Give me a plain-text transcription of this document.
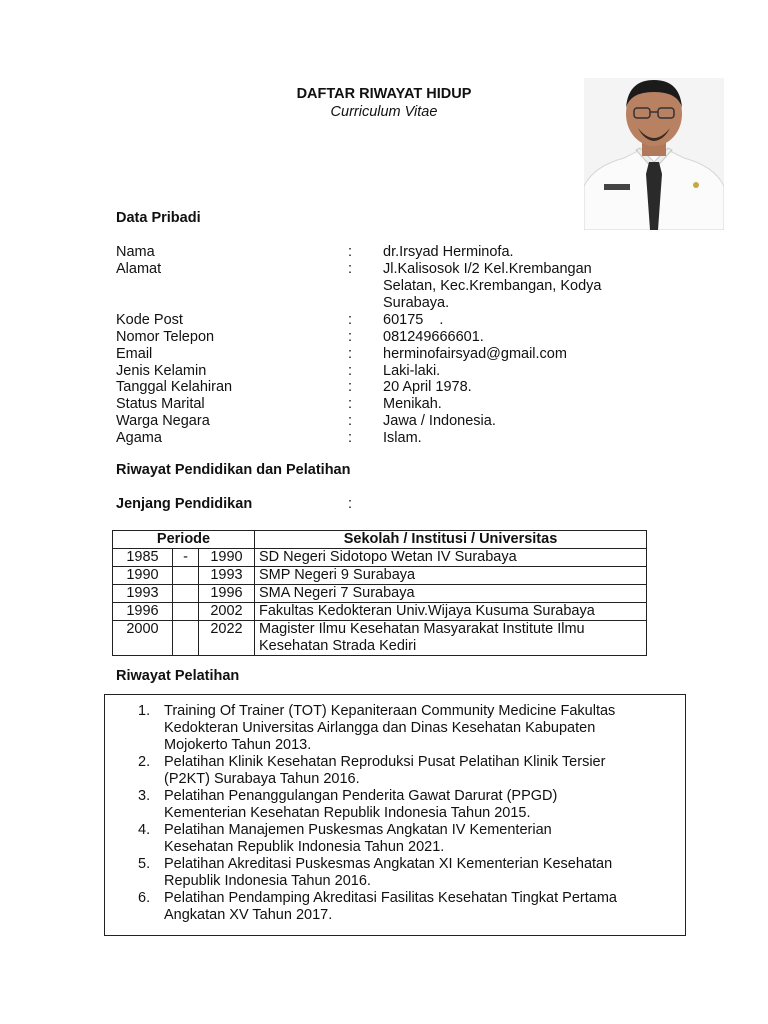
DAFTAR RIWAYAT HIDUP
Curriculum Vitae
Data Pribadi
Nama	: dr.Irsyad Herminofa.
Alamat	: Jl.Kalisosok I/2 Kel.Krembangan
Selatan, Kec.Krembangan, Kodya
Surabaya.
Kode Post	: 60175    .
Nomor Telepon	: 081249666601.
Email	: herminofairsyad@gmail.com
Jenis Kelamin	: Laki-laki.
Tanggal Kelahiran	: 20 April 1978.
Status Marital	: Menikah.
Warga Negara	: Jawa / Indonesia.
Agama	: Islam.
Riwayat Pendidikan dan Pelatihan
Jenjang Pendidikan	:
Periode			Sekolah / Institusi / Universitas
1985	-	1990	SD Negeri Sidotopo Wetan IV Surabaya
1990		1993	SMP Negeri 9 Surabaya
1993		1996	SMA Negeri 7 Surabaya
1996		2002	Fakultas Kedokteran Univ.Wijaya Kusuma Surabaya
2000		2022	Magister Ilmu Kesehatan Masyarakat Institute Ilmu
Kesehatan Strada Kediri
Riwayat Pelatihan
1. Training Of Trainer (TOT) Kepaniteraan Community Medicine Fakultas
Kedokteran Universitas Airlangga dan Dinas Kesehatan Kabupaten
Mojokerto Tahun 2013.
2. Pelatihan Klinik Kesehatan Reproduksi Pusat Pelatihan Klinik Tersier
(P2KT) Surabaya Tahun 2016.
3. Pelatihan Penanggulangan Penderita Gawat Darurat (PPGD)
Kementerian Kesehatan Republik Indonesia Tahun 2015.
4. Pelatihan Manajemen Puskesmas Angkatan IV Kementerian
Kesehatan Republik Indonesia Tahun 2021.
5. Pelatihan Akreditasi Puskesmas Angkatan XI Kementerian Kesehatan
Republik Indonesia Tahun 2016.
6. Pelatihan Pendamping Akreditasi Fasilitas Kesehatan Tingkat Pertama
Angkatan XV Tahun 2017.
